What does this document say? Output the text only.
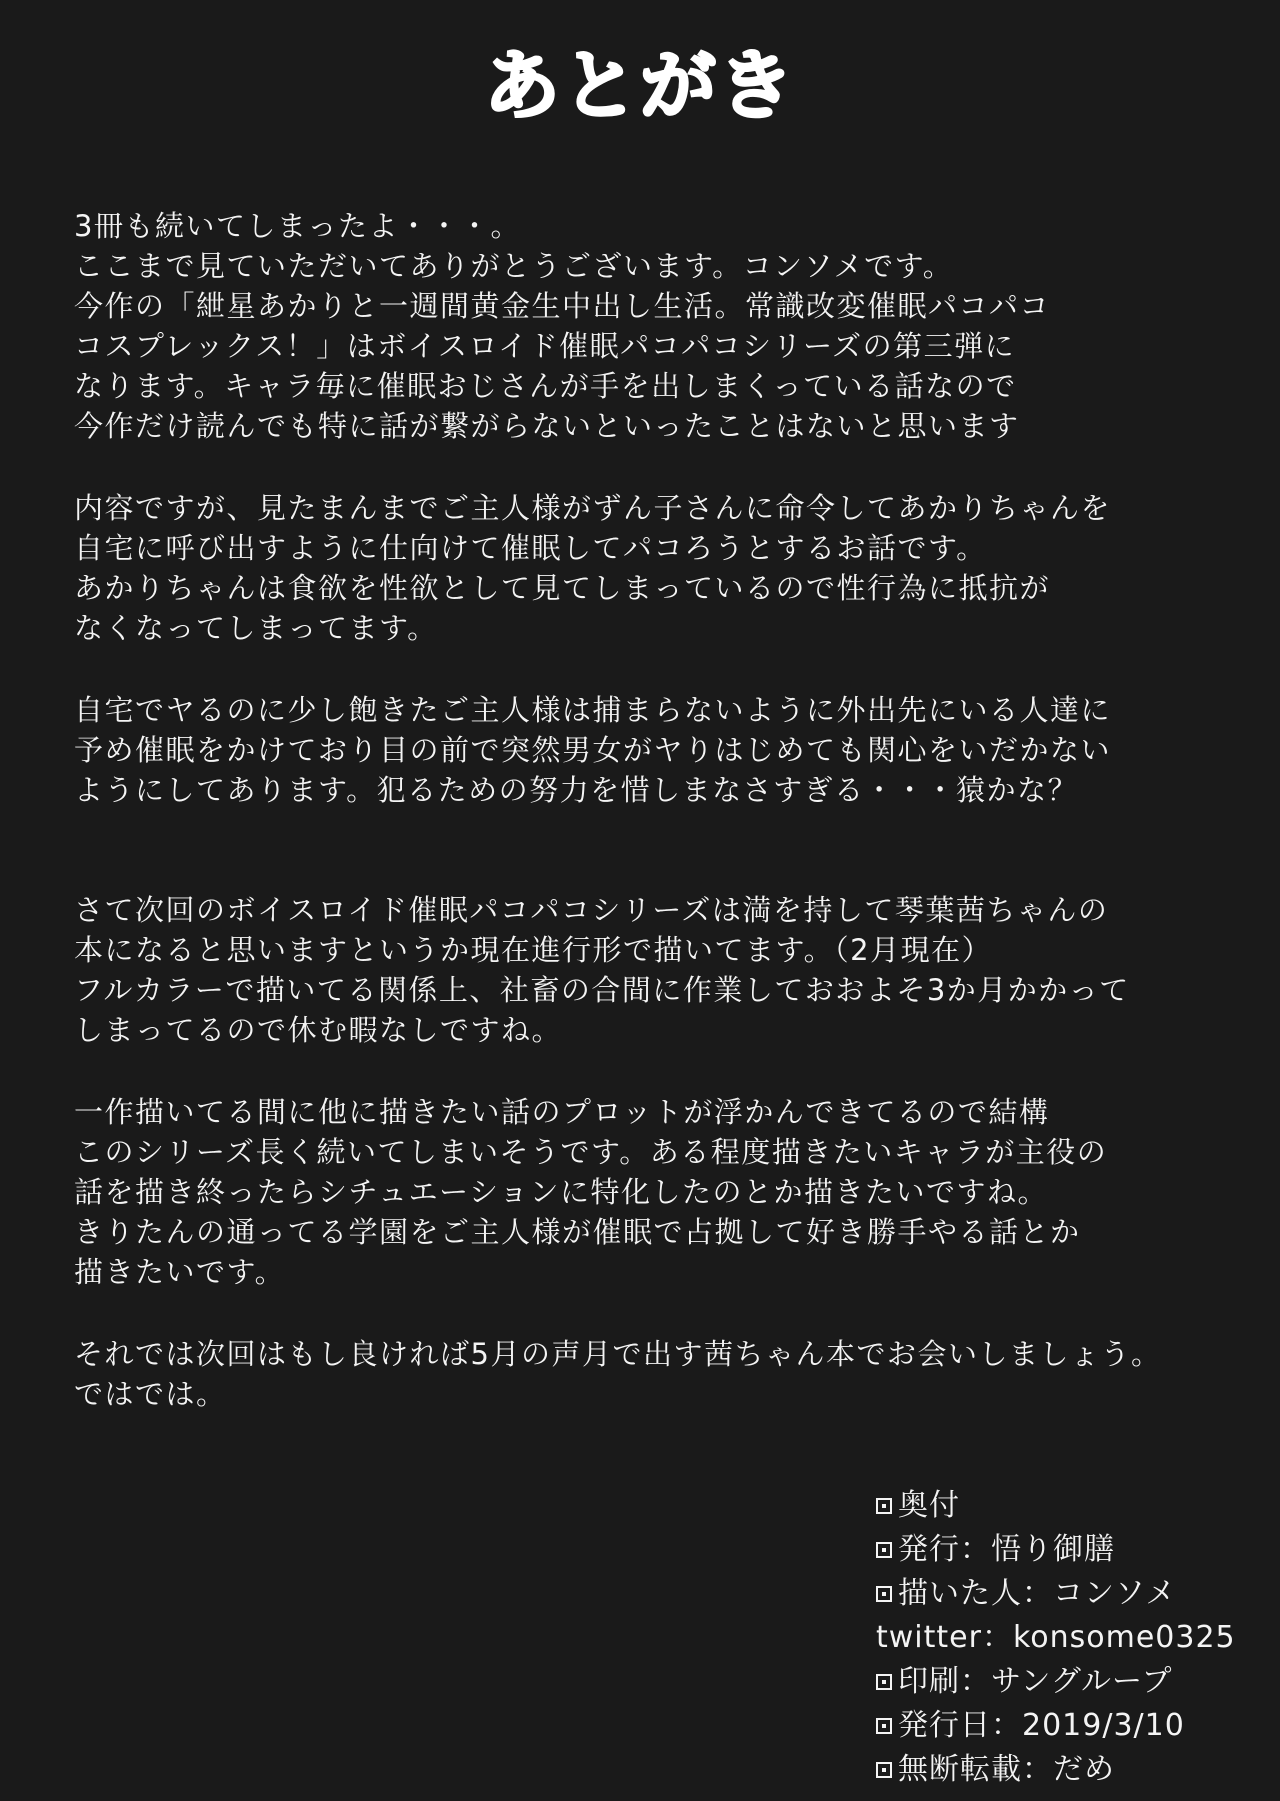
あとがき
3冊も続いてしまったよ・・・。
ここまで見ていただいてありがとうございます。コンソメです。
今作の「紲星あかりと一週間黄金生中出し生活。常識改変催眠パコパコ
コスプレックス！」はボイスロイド催眠パコパコシリーズの第三弾に
なります。キャラ毎に催眠おじさんが手を出しまくっている話なので
今作だけ読んでも特に話が繋がらないといったことはないと思います
内容ですが、見たまんまでご主人様がずん子さんに命令してあかりちゃんを
自宅に呼び出すように仕向けて催眠してパコろうとするお話です。
あかりちゃんは食欲を性欲として見てしまっているので性行為に抵抗が
なくなってしまってます。
自宅でヤるのに少し飽きたご主人様は捕まらないように外出先にいる人達に
予め催眠をかけており目の前で突然男女がヤりはじめても関心をいだかない
ようにしてあります。犯るための努力を惜しまなさすぎる・・・猿かな？
さて次回のボイスロイド催眠パコパコシリーズは満を持して琴葉茜ちゃんの
本になると思いますというか現在進行形で描いてます。（2月現在）
フルカラーで描いてる関係上、社畜の合間に作業しておおよそ3か月かかって
しまってるので休む暇なしですね。
一作描いてる間に他に描きたい話のプロットが浮かんできてるので結構
このシリーズ長く続いてしまいそうです。ある程度描きたいキャラが主役の
話を描き終ったらシチュエーションに特化したのとか描きたいですね。
きりたんの通ってる学園をご主人様が催眠で占拠して好き勝手やる話とか
描きたいです。
それでは次回はもし良ければ5月の声月で出す茜ちゃん本でお会いしましょう。
ではでは。
奥付
発行：悟り御膳
描いた人：コンソメ
twitter：konsome0325
印刷：サングループ
発行日：2019/3/10
無断転載：だめ
